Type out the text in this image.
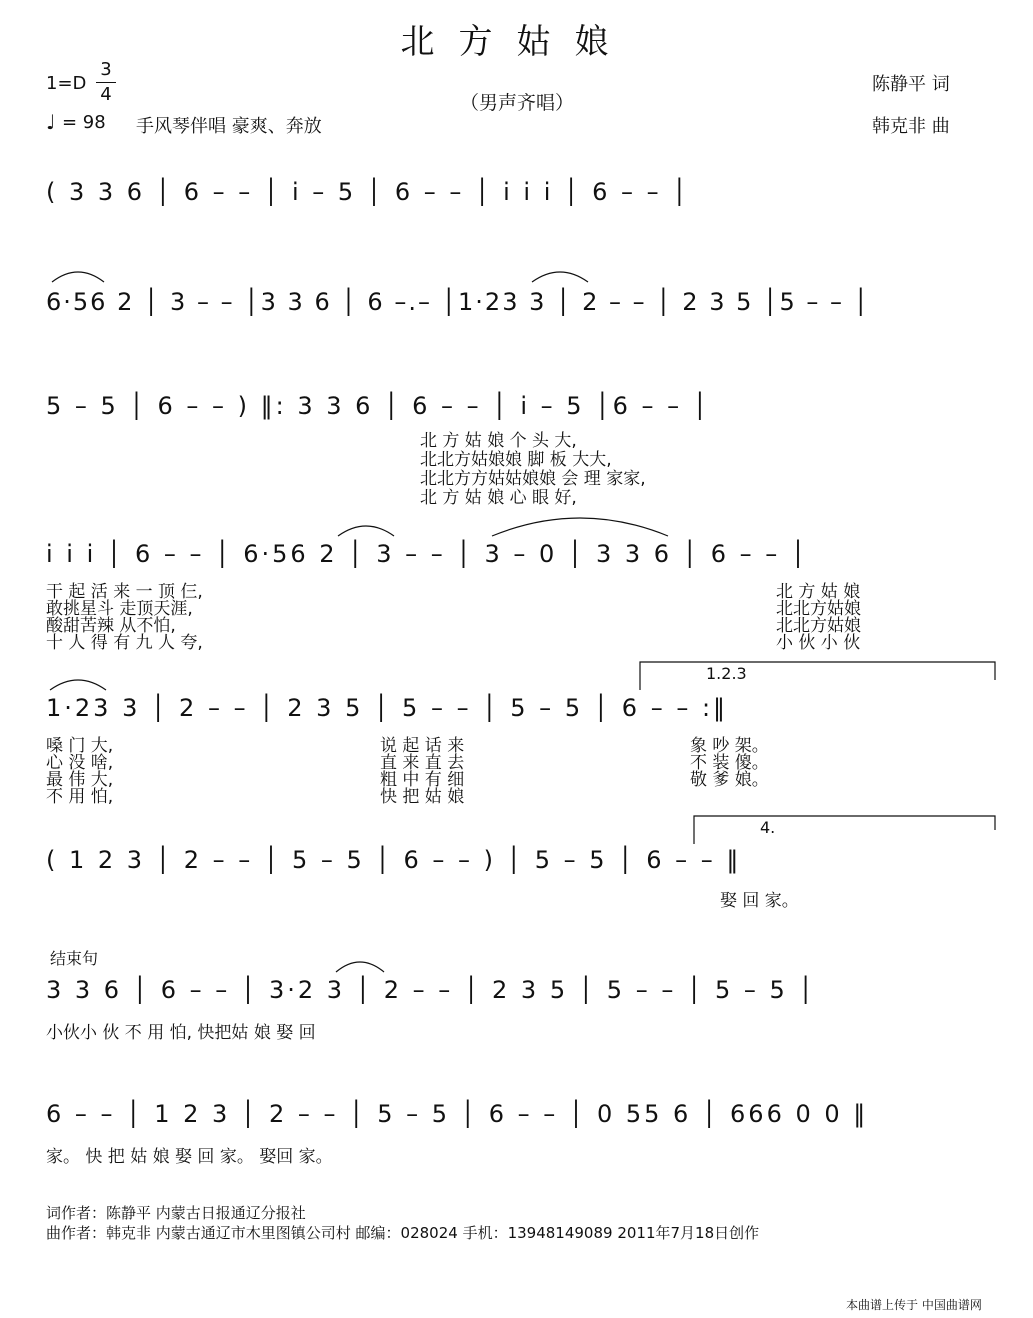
北方姑娘
（男声齐唱）
1=D
3
4
♩ = 98 手风琴伴唱 豪爽、奔放
陈静平 词
韩克非 曲
( 3 3 6 │ 6 – – │ i – 5 │ 6 – – │ i i i │ 6 – – │
6·56 2 │ 3 – – │3 3 6 │ 6 –.– │1·23 3 │ 2 – – │ 2 3 5 │5 – – │
5 – 5 │ 6 – – ) ‖: 3 3 6 │ 6 – – │ i – 5 │6 – – │
北 方 姑 娘 个 头 大,
北北方姑娘娘 脚 板 大大,
北北方方姑姑娘娘 会 理 家家,
北 方 姑 娘 心 眼 好,
i i i │ 6 – – │ 6·56 2 │ 3 – – │ 3 – 0 │ 3 3 6 │ 6 – – │
干 起 活 来 一 顶 仨,
敢挑星斗 走顶天涯,
酸甜苦辣 从不怕,
十 人 得 有 九 人 夸,
北 方 姑 娘
北北方姑娘
北北方姑娘
小 伙 小 伙
1.2.3
1·23 3 │ 2 – – │ 2 3 5 │ 5 – – │ 5 – 5 │ 6 – – :‖
嗓 门 大,
心 没 啥,
最 伟 大,
不 用 怕,
说 起 话 来
直 来 直 去
粗 中 有 细
快 把 姑 娘
象 吵 架。
不 装 傻。
敬 爹 娘。
4.
( 1 2 3 │ 2 – – │ 5 – 5 │ 6 – – ) │ 5 – 5 │ 6 – – ‖
娶 回 家。
结束句
3 3 6 │ 6 – – │ 3·2 3 │ 2 – – │ 2 3 5 │ 5 – – │ 5 – 5 │
小伙小 伙 不 用 怕, 快把姑 娘 娶 回
6 – – │ 1 2 3 │ 2 – – │ 5 – 5 │ 6 – – │ 0 55 6 │ 666 0 0 ‖
家。 快 把 姑 娘 娶 回 家。 娶回 家。
词作者：陈静平 内蒙古日报通辽分报社
曲作者：韩克非 内蒙古通辽市木里图镇公司村 邮编：028024 手机：13948149089 2011年7月18日创作
本曲谱上传于 中国曲谱网
